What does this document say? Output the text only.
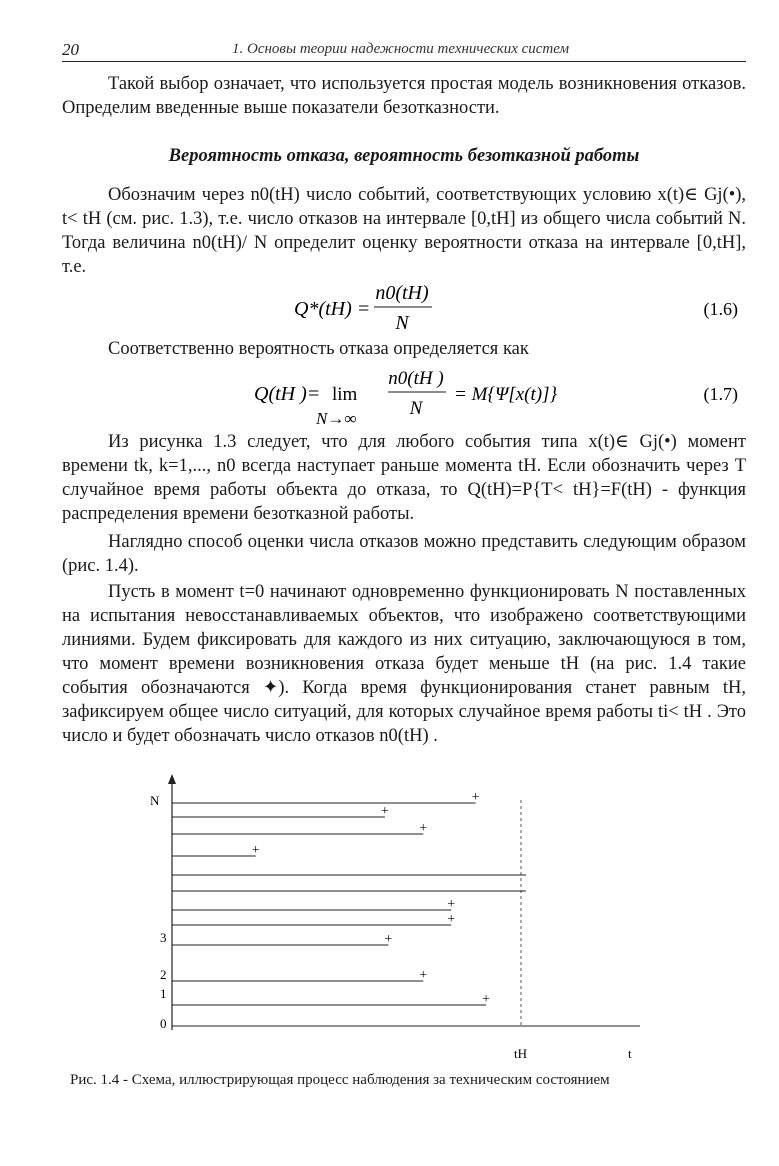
20	1. Основы теории надежности технических систем
Такой выбор означает, что используется простая модель возникновения отказов. Определим введенные выше показатели безотказности.
Вероятность отказа, вероятность безотказной работы
Обозначим через n0(tH) число событий, соответствующих условию x(t)∈ Gj(•), t< tH (см. рис. 1.3), т.е. число отказов на интервале [0,tH] из общего числа событий N. Тогда величина n0(tH)/ N определит оценку вероятности отказа на интервале [0,tH], т.е.
Q*(tH) =
n0(tH)
N
(1.6)
Соответственно вероятность отказа определяется как
Q(tH )= lim
N→∞
n0(tH )
N
= M{Ψ[x(t)]}	(1.7)
Из рисунка 1.3 следует, что для любого события типа x(t)∈ Gj(•) момент времени tk, k=1,..., n0 всегда наступает раньше момента tH. Если обозначить через T случайное время работы объекта до отказа, то Q(tH)=P{T< tH}=F(tH) - функция распределения времени безотказной работы.
Наглядно способ оценки числа отказов можно представить следующим образом (рис. 1.4).
Пусть в момент t=0 начинают одновременно функционировать N поставленных на испытания невосстанавливаемых объектов, что изображено соответствующими линиями. Будем фиксировать для каждого из них ситуацию, заключающуюся в том, что момент времени возникновения отказа будет меньше tH (на рис. 1.4 такие события обозначаются ✦). Когда время функционирования станет равным tH, зафиксируем общее число ситуаций, для которых случайное время работы ti< tH . Это число и будет обозначать число отказов n0(tH) .
+
+
+
+
+
+
+
+
+
N
3
2
1
0
tH	t
Рис. 1.4 - Схема, иллюстрирующая процесс наблюдения за техническим состоянием
